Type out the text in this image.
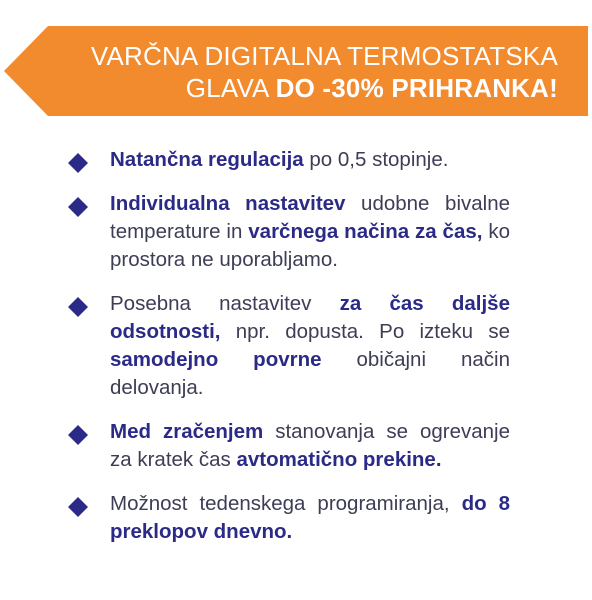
VARČNA DIGITALNA TERMOSTATSKA
GLAVA DO -30% PRIHRANKA!
Natančna regulacija po 0,5 stopinje.
Individualna nastavitev udobne bivalne temperature in varčnega načina za čas, ko prostora ne uporabljamo.
Posebna nastavitev za čas daljše odsotnosti, npr. dopusta. Po izteku se samodejno povrne običajni način delovanja.
Med zračenjem stanovanja se ogrevanje za kratek čas avtomatično prekine.
Možnost tedenskega programiranja, do 8 preklopov dnevno.
